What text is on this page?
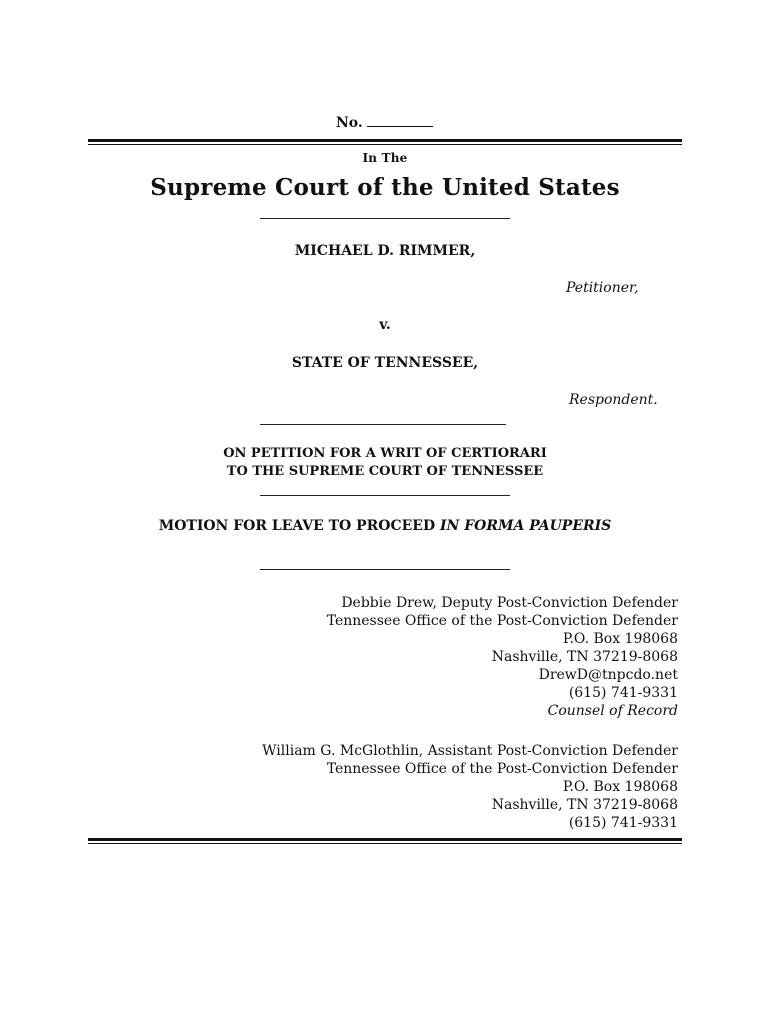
No.
In The
Supreme Court of the United States
MICHAEL D. RIMMER,
Petitioner,
v.
STATE OF TENNESSEE,
Respondent.
ON PETITION FOR A WRIT OF CERTIORARI
TO THE SUPREME COURT OF TENNESSEE
MOTION FOR LEAVE TO PROCEED IN FORMA PAUPERIS
Debbie Drew, Deputy Post-Conviction Defender
Tennessee Office of the Post-Conviction Defender
P.O. Box 198068
Nashville, TN 37219-8068
DrewD@tnpcdo.net
(615) 741-9331
Counsel of Record
William G. McGlothlin, Assistant Post-Conviction Defender
Tennessee Office of the Post-Conviction Defender
P.O. Box 198068
Nashville, TN 37219-8068
(615) 741-9331
